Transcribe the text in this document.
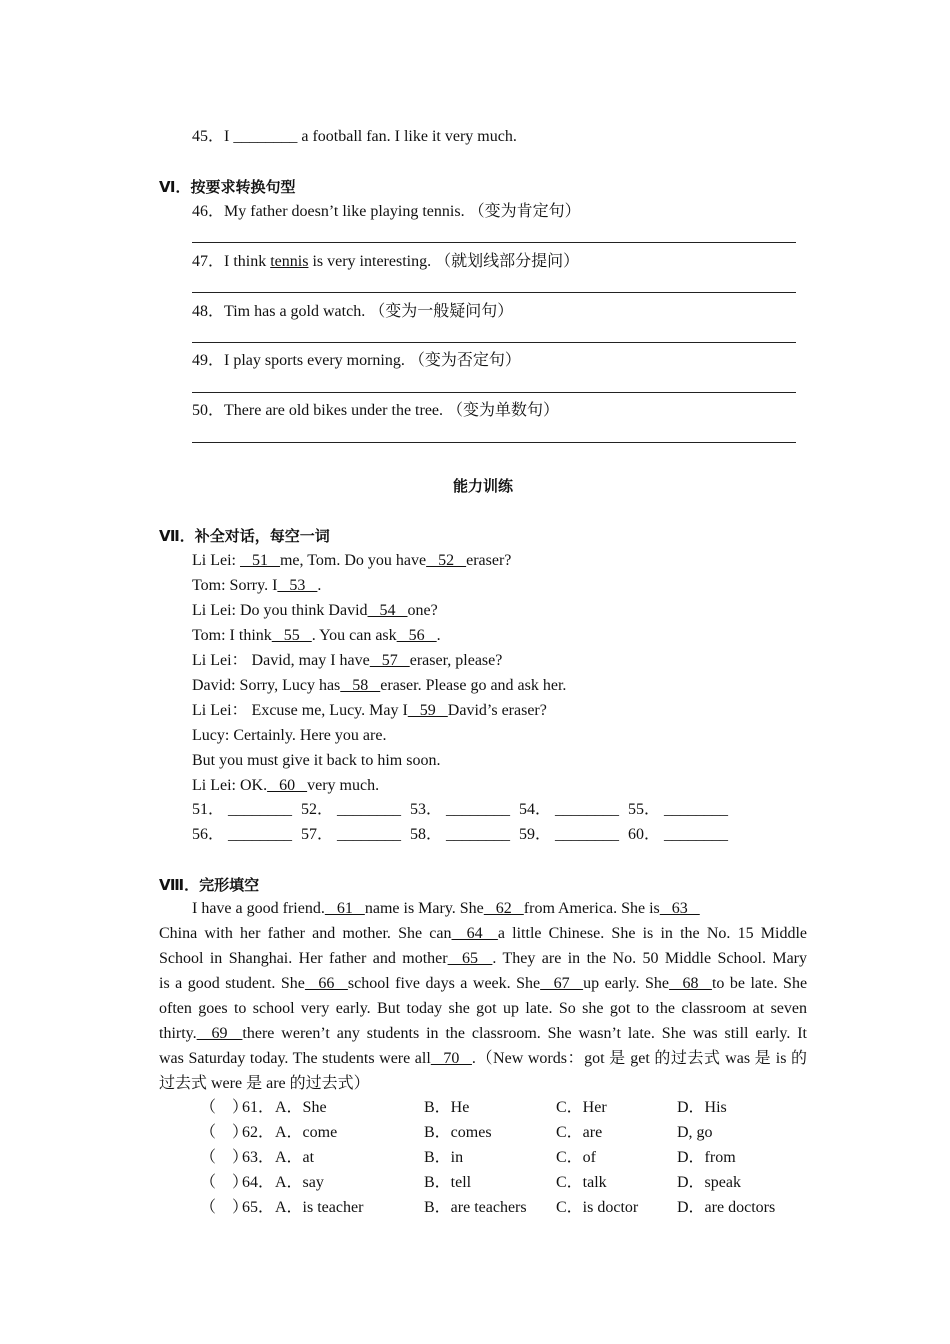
45．I ________ a football fan. I like it very much.
Ⅵ．按要求转换句型
46．My father doesn’t like playing tennis. （变为肯定句）
47．I think tennis is very interesting. （就划线部分提问）
48．Tim has a gold watch. （变为一般疑问句）
49．I play sports every morning. （变为否定句）
50．There are old bikes under the tree. （变为单数句）
能力训练
Ⅶ．补全对话，每空一词
Li Lei:   51  me, Tom. Do you have  52  eraser?
Tom: Sorry. I  53  .
Li Lei: Do you think David  54  one?
Tom: I think  55  . You can ask  56  .
Li Lei： David, may I have  57  eraser, please?
David: Sorry, Lucy has  58  eraser. Please go and ask her.
Li Lei： Excuse me, Lucy. May I  59  David’s eraser?
Lucy: Certainly. Here you are.
But you must give it back to him soon.
Li Lei: OK.  60  very much.
51． ________ 52． ________ 53． ________ 54． ________ 55． ________
56． ________ 57． ________ 58． ________ 59． ________ 60． ________
Ⅷ．完形填空
I have a good friend.  61  name is Mary. She  62  from America. She is  63  
China with her father and mother. She can  64  a little Chinese. She is in the No. 15 Middle
School in Shanghai. Her father and mother  65  . They are in the No. 50 Middle School. Mary
is a good student. She  66  school five days a week. She  67  up early. She  68  to be late. She
often goes to school very early. But today she got up late. So she got to the classroom at seven
thirty.  69  there weren’t any students in the classroom. She wasn’t late. She was still early. It
was Saturday today. The students were all  70  .（New words：got 是 get 的过去式 was 是 is 的
过去式 were 是 are 的过去式）
（　）
61． A．She	B．He	C．Her	D．His
（　）
62． A．come	B．comes	C．are	D, go
（　）
63． A．at	B．in	C．of	D．from
（　）
64． A．say	B．tell	C．talk	D．speak
（　）
65． A．is teacher	B．are teachers C．is doctor D．are doctors
